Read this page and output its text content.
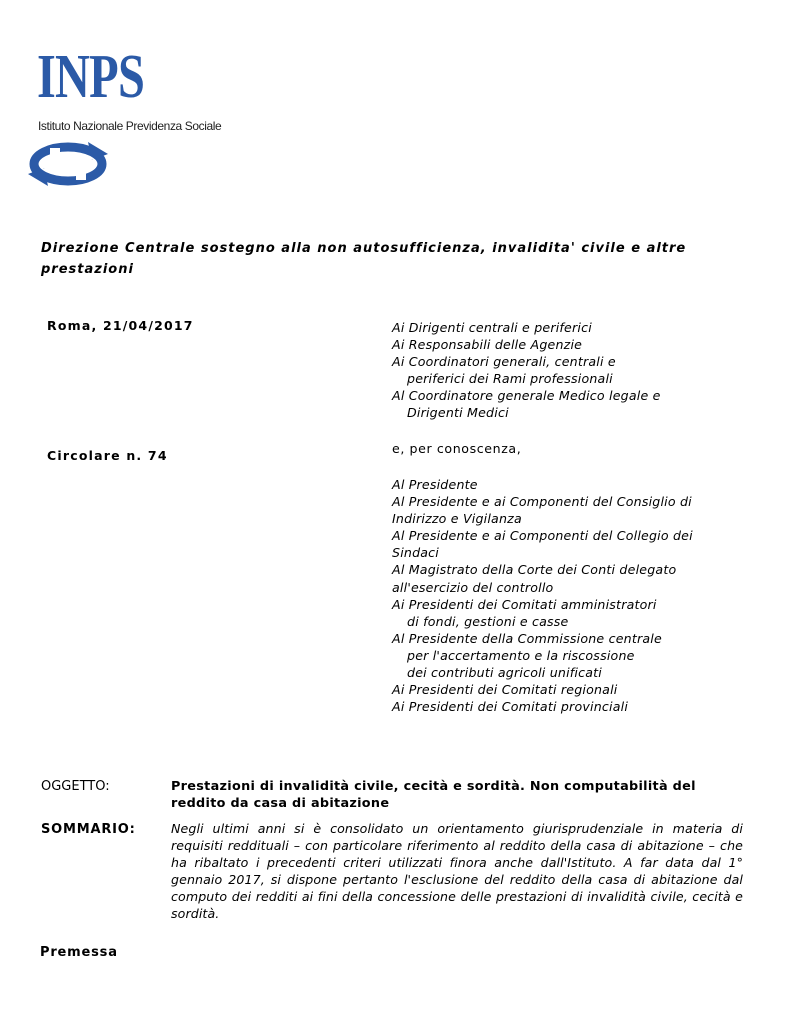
INPS
Istituto Nazionale Previdenza Sociale
Direzione Centrale sostegno alla non autosufficienza, invalidita' civile e altre prestazioni
Roma, 21/04/2017
Circolare n. 74
Ai Dirigenti centrali e periferici
Ai Responsabili delle Agenzie
Ai Coordinatori generali, centrali e
periferici dei Rami professionali
Al Coordinatore generale Medico legale e
Dirigenti Medici
e, per conoscenza,
Al Presidente
Al Presidente e ai Componenti del Consiglio di
Indirizzo e Vigilanza
Al Presidente e ai Componenti del Collegio dei
Sindaci
Al Magistrato della Corte dei Conti delegato
all'esercizio del controllo
Ai Presidenti dei Comitati amministratori
di fondi, gestioni e casse
Al Presidente della Commissione centrale
per l'accertamento e la riscossione
dei contributi agricoli unificati
Ai Presidenti dei Comitati regionali
Ai Presidenti dei Comitati provinciali
OGGETTO:	Prestazioni di invalidità civile, cecità e sordità. Non computabilità del reddito da casa di abitazione
SOMMARIO:	Negli ultimi anni si è consolidato un orientamento giurisprudenziale in materia di requisiti reddituali – con particolare riferimento al reddito della casa di abitazione – che ha ribaltato i precedenti criteri utilizzati finora anche dall'Istituto. A far data dal 1° gennaio 2017, si dispone pertanto l'esclusione del reddito della casa di abitazione dal computo dei redditi ai fini della concessione delle prestazioni di invalidità civile, cecità e sordità.
Premessa
